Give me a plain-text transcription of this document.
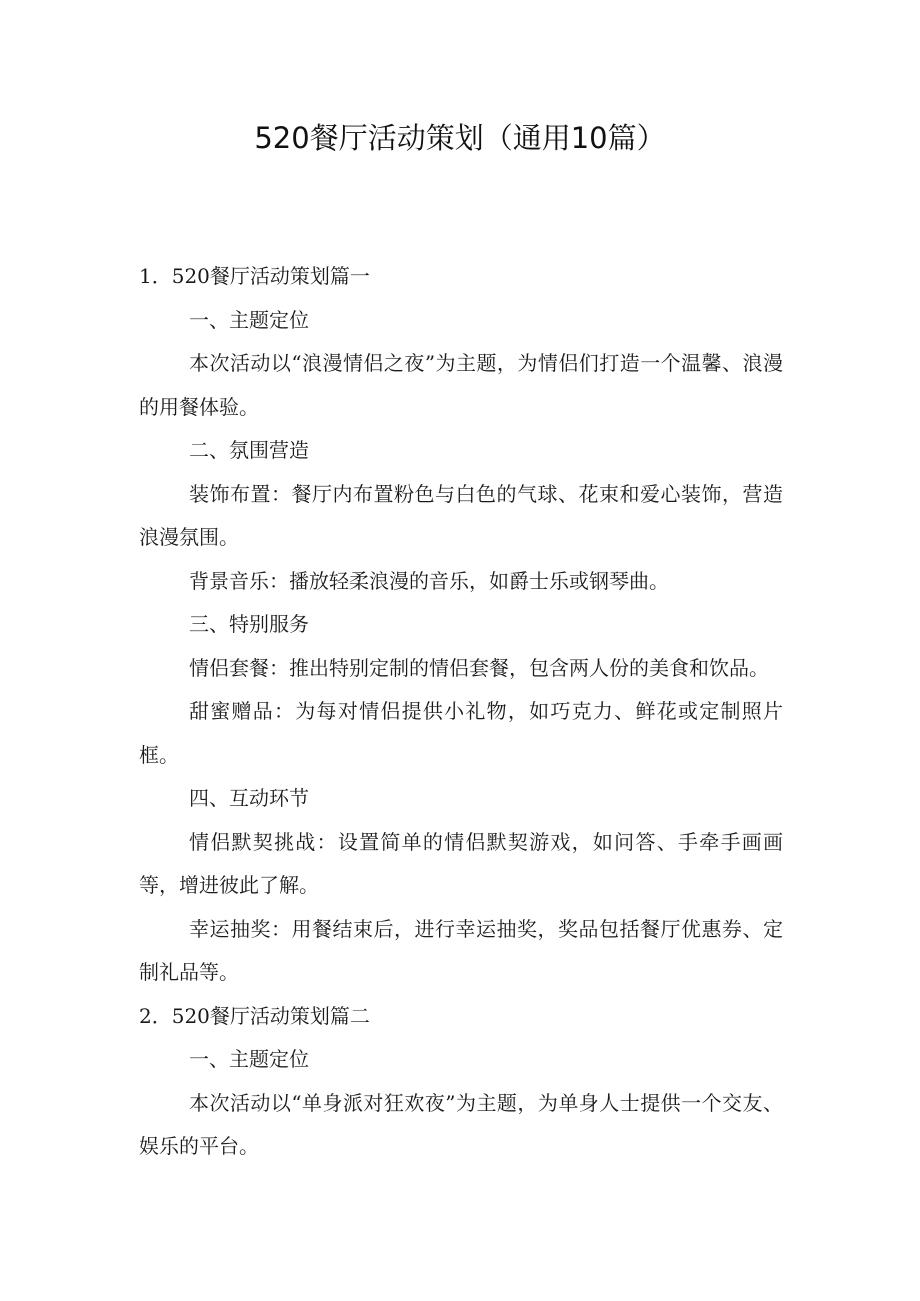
520餐厅活动策划（通用10篇）
1．520餐厅活动策划篇一
一、主题定位
本次活动以“浪漫情侣之夜”为主题，为情侣们打造一个温馨、浪漫的用餐体验。
二、氛围营造
装饰布置：餐厅内布置粉色与白色的气球、花束和爱心装饰，营造浪漫氛围。
背景音乐：播放轻柔浪漫的音乐，如爵士乐或钢琴曲。
三、特别服务
情侣套餐：推出特别定制的情侣套餐，包含两人份的美食和饮品。
甜蜜赠品：为每对情侣提供小礼物，如巧克力、鲜花或定制照片框。
四、互动环节
情侣默契挑战：设置简单的情侣默契游戏，如问答、手牵手画画等，增进彼此了解。
幸运抽奖：用餐结束后，进行幸运抽奖，奖品包括餐厅优惠券、定制礼品等。
2．520餐厅活动策划篇二
一、主题定位
本次活动以“单身派对狂欢夜”为主题，为单身人士提供一个交友、娱乐的平台。
